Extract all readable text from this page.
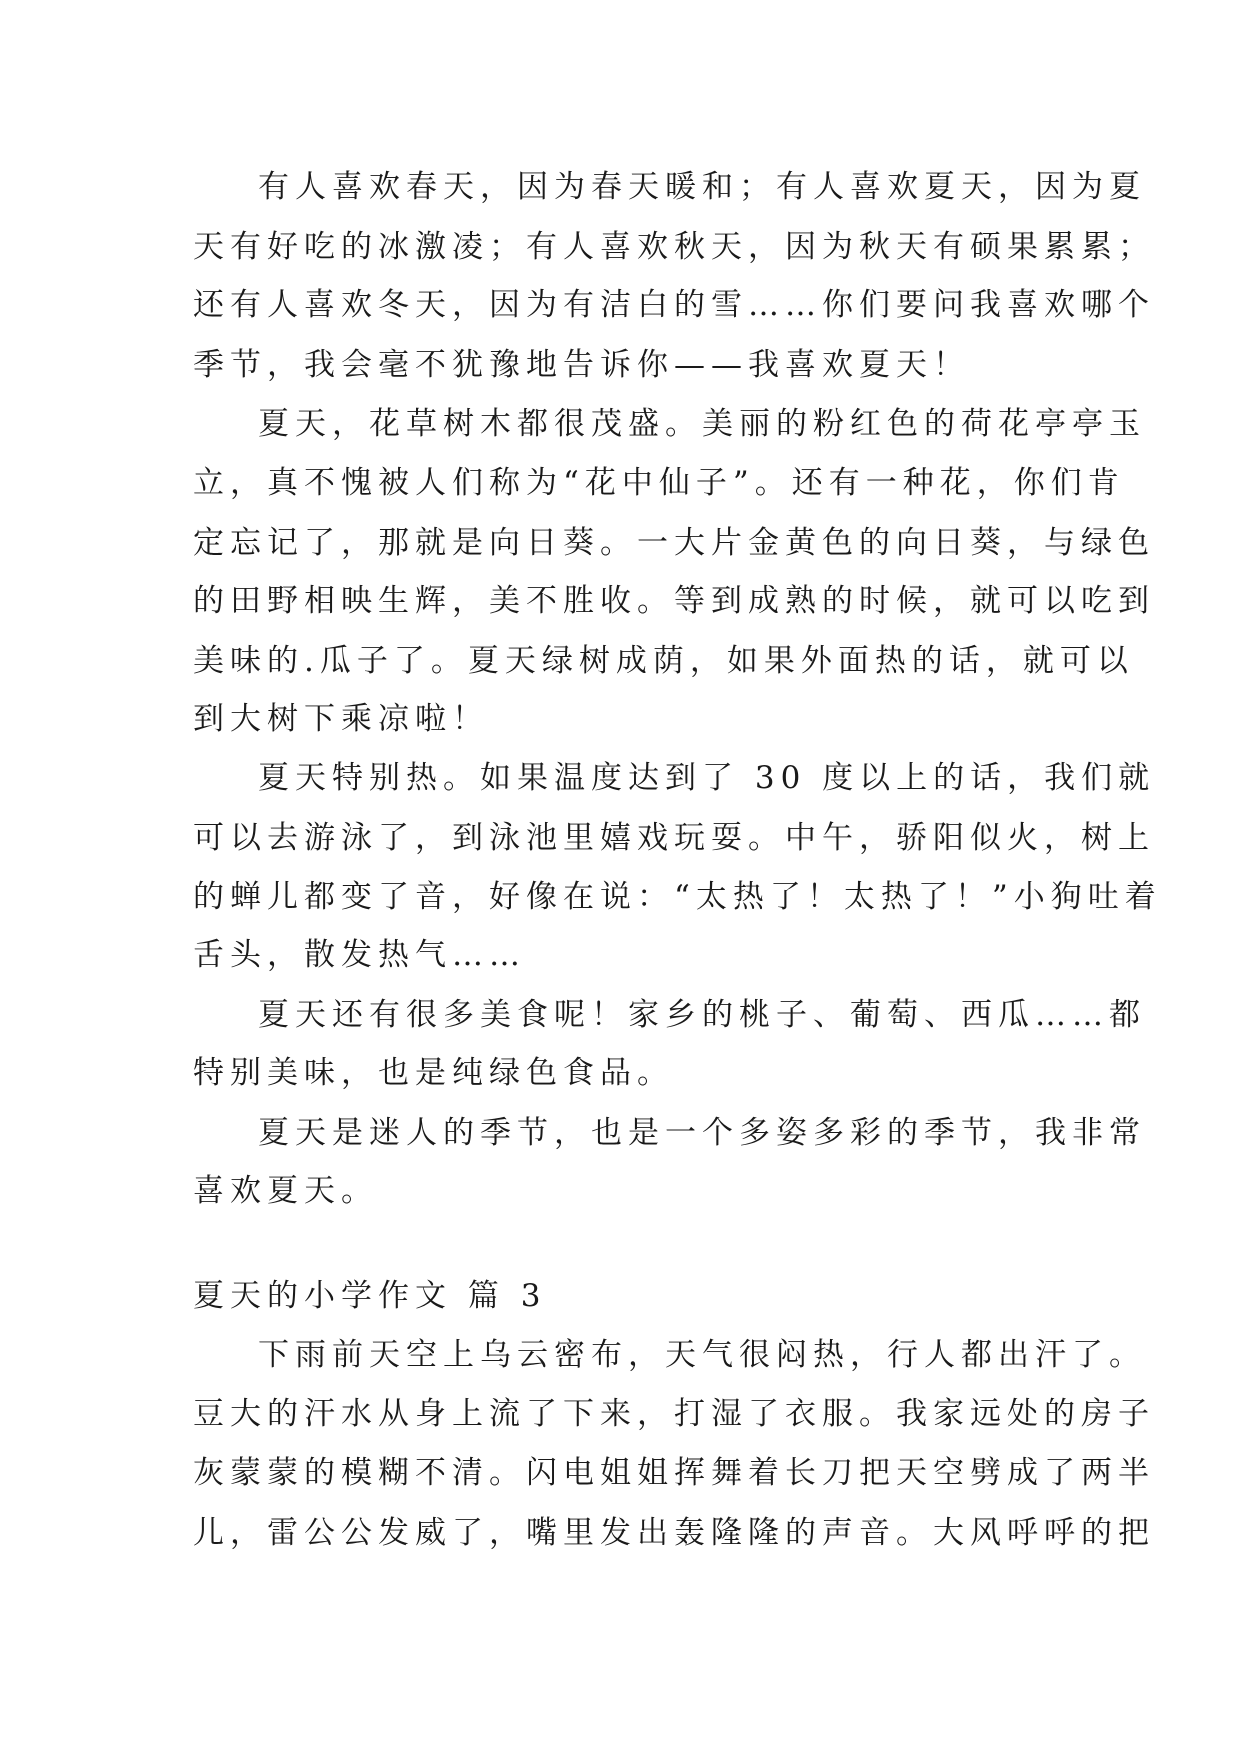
有人喜欢春天，因为春天暖和；有人喜欢夏天，因为夏
天有好吃的冰激凌；有人喜欢秋天，因为秋天有硕果累累；
还有人喜欢冬天，因为有洁白的雪……你们要问我喜欢哪个
季节，我会毫不犹豫地告诉你——我喜欢夏天！
夏天，花草树木都很茂盛。美丽的粉红色的荷花亭亭玉
立，真不愧被人们称为“花中仙子”。还有一种花，你们肯
定忘记了，那就是向日葵。一大片金黄色的向日葵，与绿色
的田野相映生辉，美不胜收。等到成熟的时候，就可以吃到
美味的.瓜子了。夏天绿树成荫，如果外面热的话，就可以
到大树下乘凉啦！
夏天特别热。如果温度达到了 30 度以上的话，我们就
可以去游泳了，到泳池里嬉戏玩耍。中午，骄阳似火，树上
的蝉儿都变了音，好像在说：“太热了！太热了！”小狗吐着
舌头，散发热气……
夏天还有很多美食呢！家乡的桃子、葡萄、西瓜……都
特别美味，也是纯绿色食品。
夏天是迷人的季节，也是一个多姿多彩的季节，我非常
喜欢夏天。
夏天的小学作文 篇 3
下雨前天空上乌云密布，天气很闷热，行人都出汗了。
豆大的汗水从身上流了下来，打湿了衣服。我家远处的房子
灰蒙蒙的模糊不清。闪电姐姐挥舞着长刀把天空劈成了两半
儿，雷公公发威了，嘴里发出轰隆隆的声音。大风呼呼的把
